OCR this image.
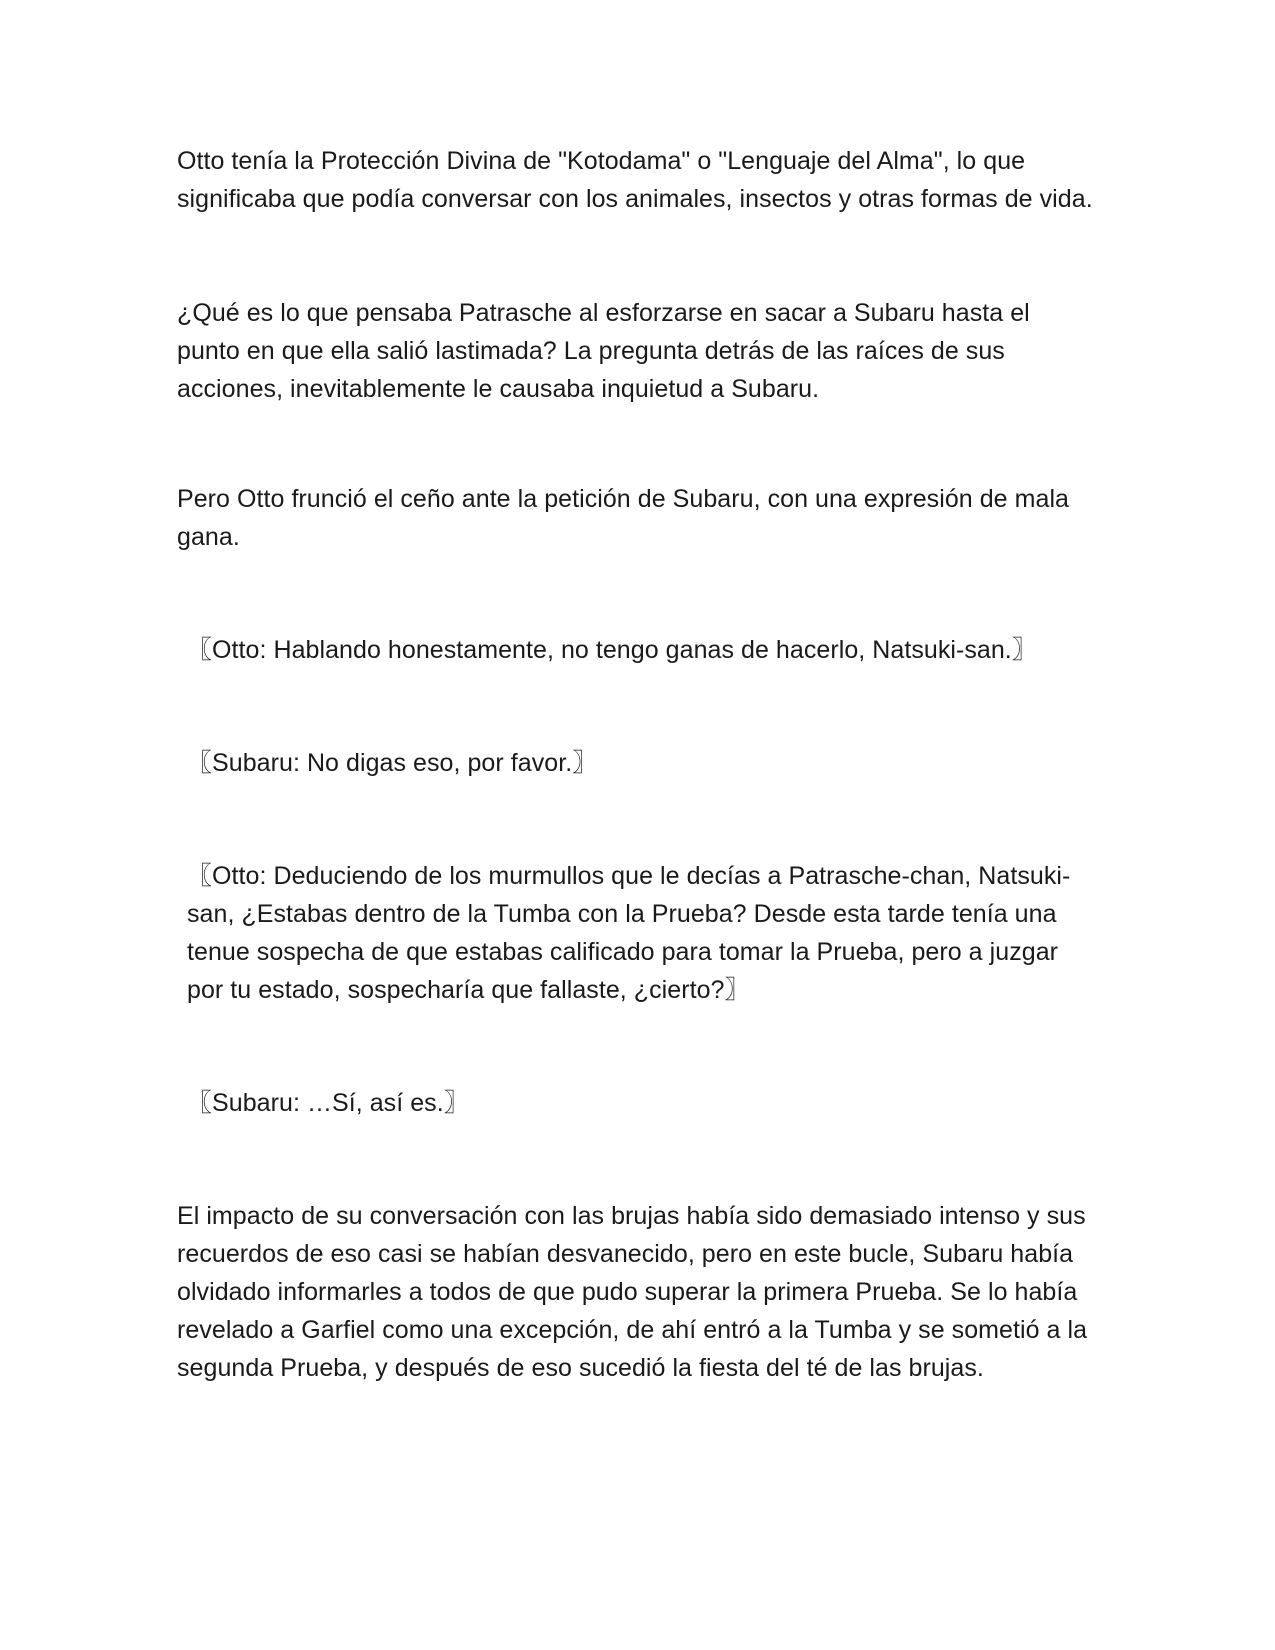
Otto tenía la Protección Divina de "Kotodama" o "Lenguaje del Alma", lo que significaba que podía conversar con los animales, insectos y otras formas de vida.

¿Qué es lo que pensaba Patrasche al esforzarse en sacar a Subaru hasta el punto en que ella salió lastimada? La pregunta detrás de las raíces de sus acciones, inevitablemente le causaba inquietud a Subaru.

Pero Otto frunció el ceño ante la petición de Subaru, con una expresión de mala gana.

〖Otto: Hablando honestamente, no tengo ganas de hacerlo, Natsuki-san.〗

〖Subaru: No digas eso, por favor.〗

〖Otto: Deduciendo de los murmullos que le decías a Patrasche-chan, Natsuki-san, ¿Estabas dentro de la Tumba con la Prueba? Desde esta tarde tenía una tenue sospecha de que estabas calificado para tomar la Prueba, pero a juzgar por tu estado, sospecharía que fallaste, ¿cierto?〗

〖Subaru: …Sí, así es.〗

El impacto de su conversación con las brujas había sido demasiado intenso y sus recuerdos de eso casi se habían desvanecido, pero en este bucle, Subaru había olvidado informarles a todos de que pudo superar la primera Prueba. Se lo había revelado a Garfiel como una excepción, de ahí entró a la Tumba y se sometió a la segunda Prueba, y después de eso sucedió la fiesta del té de las brujas.
